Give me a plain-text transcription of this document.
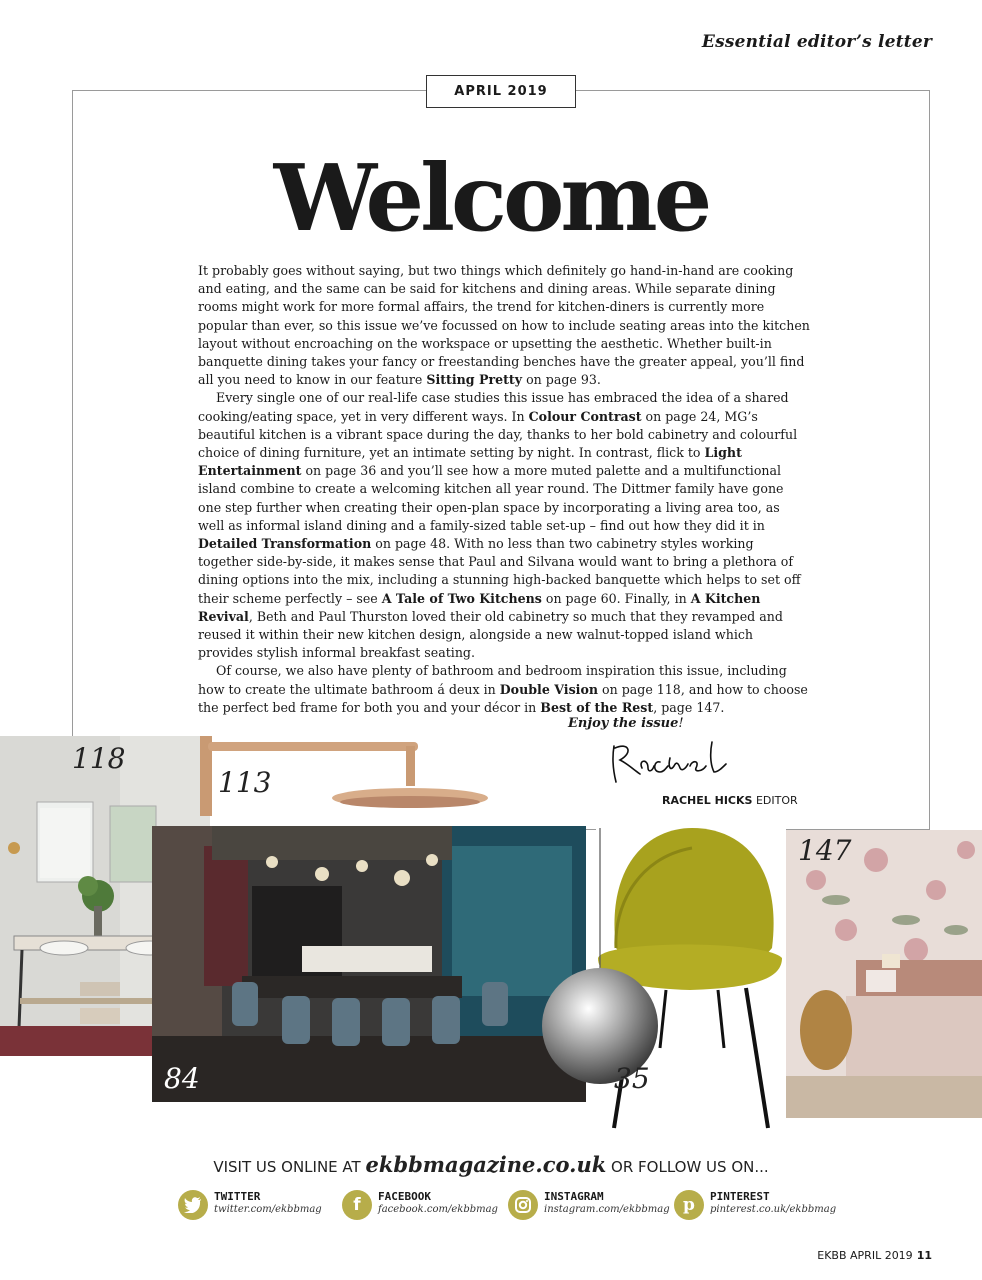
Essential editor’s letter
APRIL 2019
Welcome

It probably goes without saying, but two things which definitely go hand-in-hand are cooking and eating, and the same can be said for kitchens and dining areas. While separate dining rooms might work for more formal affairs, the trend for kitchen-diners is currently more popular than ever, so this issue we’ve focussed on how to include seating areas into the kitchen layout without encroaching on the workspace or upsetting the aesthetic. Whether built-in banquette dining takes your fancy or freestanding benches have the greater appeal, you’ll find all you need to know in our feature Sitting Pretty on page 93.

Every single one of our real-life case studies this issue has embraced the idea of a shared cooking/eating space, yet in very different ways. In Colour Contrast on page 24, MG’s beautiful kitchen is a vibrant space during the day, thanks to her bold cabinetry and colourful choice of dining furniture, yet an intimate setting by night. In contrast, flick to Light Entertainment on page 36 and you’ll see how a more muted palette and a multifunctional island combine to create a welcoming kitchen all year round. The Dittmer family have gone one step further when creating their open-plan space by incorporating a living area too, as well as informal island dining and a family-sized table set-up – find out how they did it in Detailed Transformation on page 48. With no less than two cabinetry styles working together side-by-side, it makes sense that Paul and Silvana would want to bring a plethora of dining options into the mix, including a stunning high-backed banquette which helps to set off their scheme perfectly – see A Tale of Two Kitchens on page 60. Finally, in A Kitchen Revival, Beth and Paul Thurston loved their old cabinetry so much that they revamped and reused it within their new kitchen design, alongside a new walnut-topped island which provides stylish informal breakfast seating.

Of course, we also have plenty of bathroom and bedroom inspiration this issue, including how to create the ultimate bathroom á deux in Double Vision on page 118, and how to choose the perfect bed frame for both you and your décor in Best of the Rest, page 147.

Enjoy the issue!
RACHEL HICKS EDITOR
118
113
84	35
147
VISIT US ONLINE AT ekbbmagazine.co.uk OR FOLLOW US ON...
TWITTER
twitter.com/ekbbmag f FACEBOOK
facebook.com/ekbbmag
INSTAGRAM
instagram.com/ekbbmag p PINTEREST
pinterest.co.uk/ekbbmag
EKBB APRIL 2019 11
